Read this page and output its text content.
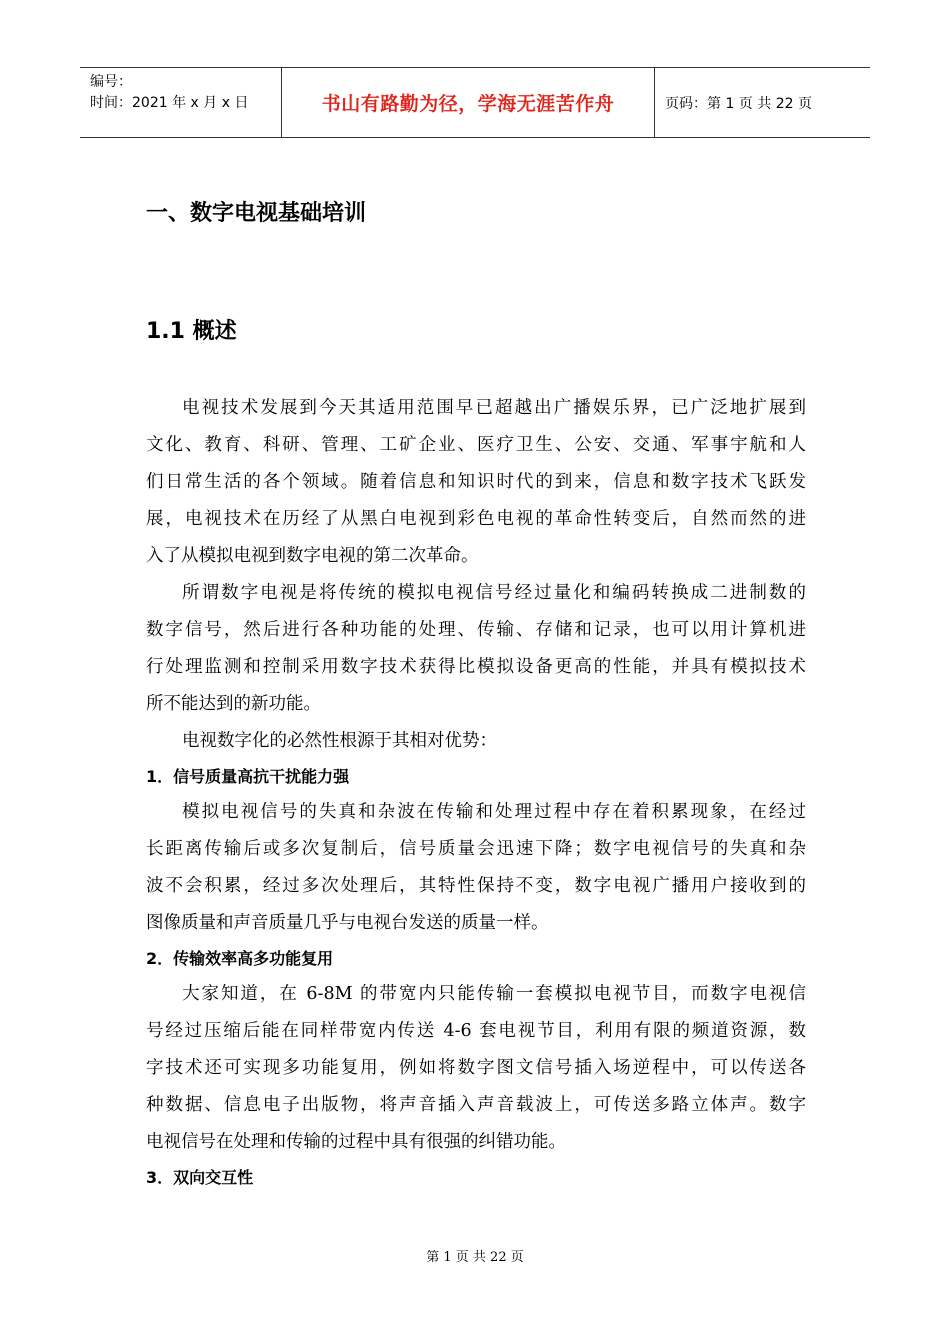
编号：
时间：2021 年 x 月 x 日	书山有路勤为径，学海无涯苦作舟	页码：第 1 页 共 22 页
一、数字电视基础培训
1.1 概述
电视技术发展到今天其适用范围早已超越出广播娱乐界，已广泛地扩展到
文化、教育、科研、管理、工矿企业、医疗卫生、公安、交通、军事宇航和人
们日常生活的各个领域。随着信息和知识时代的到来，信息和数字技术飞跃发
展，电视技术在历经了从黑白电视到彩色电视的革命性转变后，自然而然的进
入了从模拟电视到数字电视的第二次革命。
所谓数字电视是将传统的模拟电视信号经过量化和编码转换成二进制数的
数字信号，然后进行各种功能的处理、传输、存储和记录，也可以用计算机进
行处理监测和控制采用数字技术获得比模拟设备更高的性能，并具有模拟技术
所不能达到的新功能。
电视数字化的必然性根源于其相对优势：
1．信号质量高抗干扰能力强
模拟电视信号的失真和杂波在传输和处理过程中存在着积累现象，在经过
长距离传输后或多次复制后，信号质量会迅速下降；数字电视信号的失真和杂
波不会积累，经过多次处理后，其特性保持不变，数字电视广播用户接收到的
图像质量和声音质量几乎与电视台发送的质量一样。
2．传输效率高多功能复用
大家知道，在 6-8M 的带宽内只能传输一套模拟电视节目，而数字电视信
号经过压缩后能在同样带宽内传送 4-6 套电视节目，利用有限的频道资源，数
字技术还可实现多功能复用，例如将数字图文信号插入场逆程中，可以传送各
种数据、信息电子出版物，将声音插入声音载波上，可传送多路立体声。数字
电视信号在处理和传输的过程中具有很强的纠错功能。
3．双向交互性
第 1 页 共 22 页
